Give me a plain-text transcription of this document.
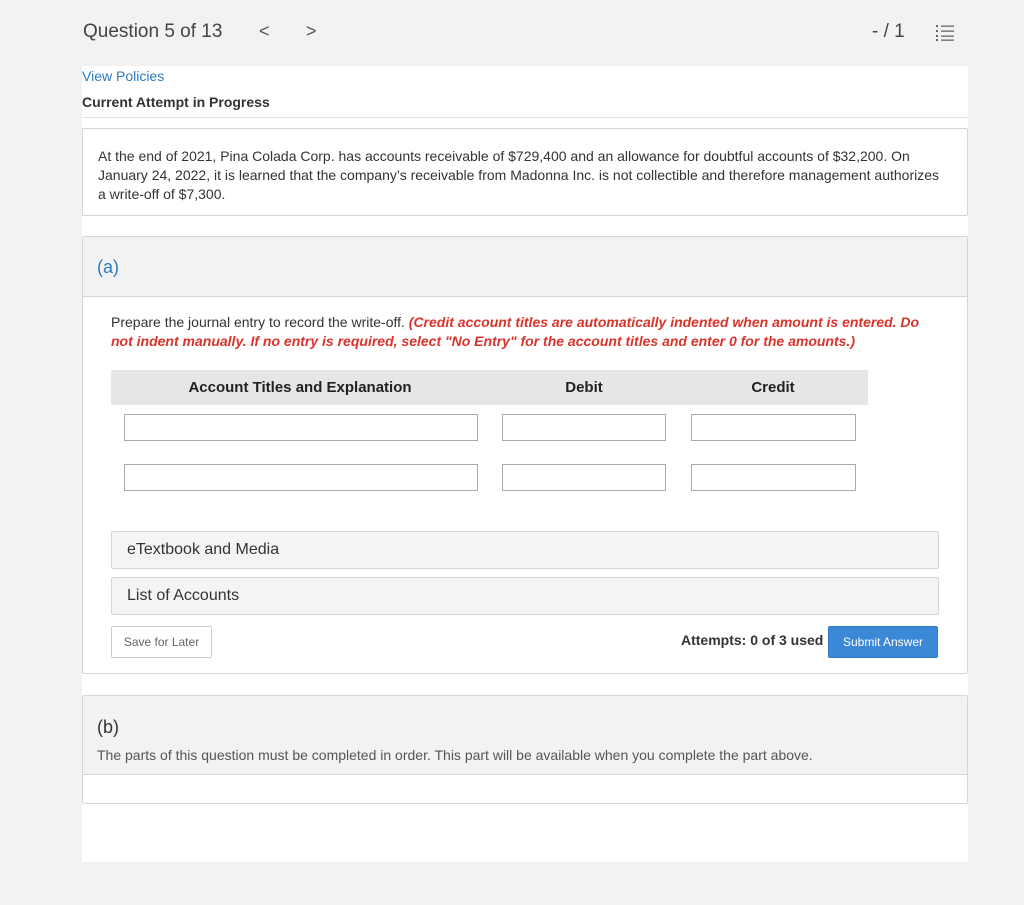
Question 5 of 13 < >	- / 1
View Policies
Current Attempt in Progress

At the end of 2021, Pina Colada Corp. has accounts receivable of $729,400 and an allowance for doubtful accounts of $32,200. On January 24, 2022, it is learned that the company’s receivable from Madonna Inc. is not collectible and therefore management authorizes a write-off of $7,300.

(a)
Prepare the journal entry to record the write-off. (Credit account titles are automatically indented when amount is entered. Do not indent manually. If no entry is required, select "No Entry" for the account titles and enter 0 for the amounts.)
Account Titles and Explanation	Debit	Credit
eTextbook and Media
List of Accounts
Save for Later	Attempts: 0 of 3 used	Submit Answer
(b)
The parts of this question must be completed in order. This part will be available when you complete the part above.
